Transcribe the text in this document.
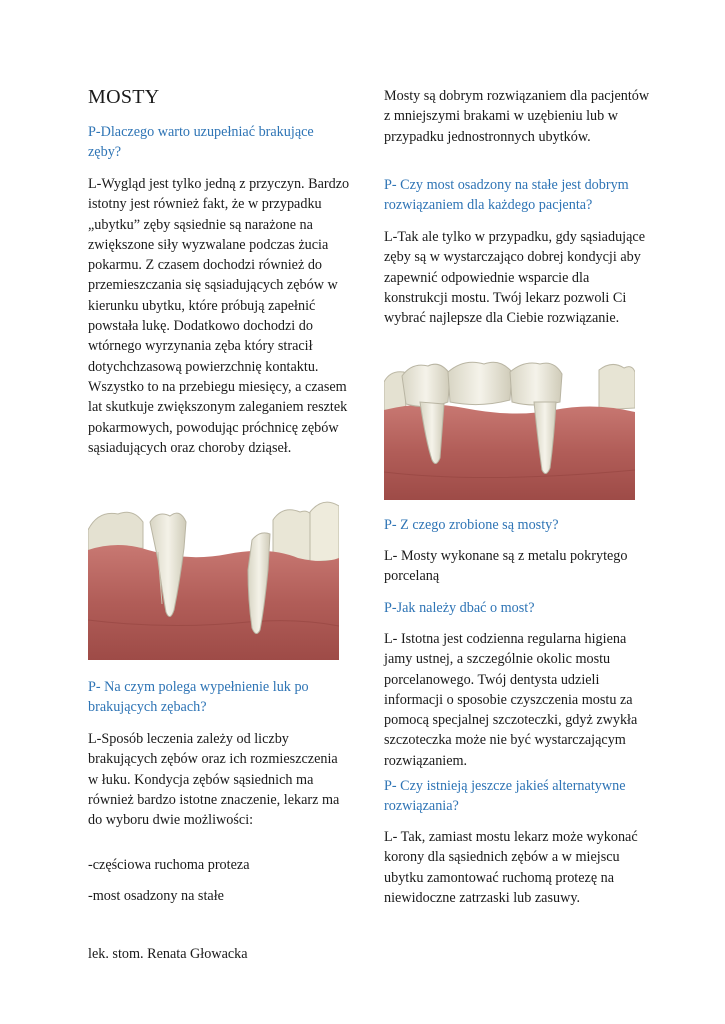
MOSTY

P-Dlaczego warto uzupełniać brakujące zęby?

L-Wygląd jest tylko jedną z przyczyn. Bardzo istotny jest również fakt, że w przypadku „ubytku” zęby sąsiednie są narażone na zwiększone siły wyzwalane podczas żucia pokarmu. Z czasem dochodzi również do przemieszczania się sąsiadujących zębów w kierunku ubytku, które próbują zapełnić powstała lukę. Dodatkowo dochodzi do wtórnego wyrzynania zęba który stracił dotychchzasową powierzchnię kontaktu. Wszystko to na przebiegu miesięcy, a czasem lat skutkuje zwiększonym zaleganiem resztek pokarmowych, powodując próchnicę zębów sąsiadujących oraz choroby dziąseł.

P- Na czym polega wypełnienie luk po brakujących zębach?

L-Sposób leczenia zależy od liczby brakujących zębów oraz ich rozmieszczenia w łuku. Kondycja zębów sąsiednich ma również bardzo istotne znaczenie, lekarz ma do wyboru dwie możliwości:

-częściowa ruchoma proteza

-most osadzony na stałe

Mosty są dobrym rozwiązaniem dla pacjentów z mniejszymi brakami w uzębieniu lub w przypadku jednostronnych ubytków.

P- Czy most osadzony na stałe jest dobrym rozwiązaniem dla każdego pacjenta?

L-Tak ale tylko w przypadku, gdy sąsiadujące zęby są w wystarczająco dobrej kondycji aby zapewnić odpowiednie wsparcie dla konstrukcji mostu. Twój lekarz pozwoli Ci wybrać najlepsze dla Ciebie rozwiązanie.

P- Z czego zrobione są mosty?

L- Mosty wykonane są z metalu pokrytego porcelaną

P-Jak należy dbać o most?

L- Istotna jest codzienna regularna higiena jamy ustnej, a szczególnie okolic mostu porcelanowego. Twój dentysta udzieli informacji o sposobie czyszczenia mostu za pomocą specjalnej szczoteczki, gdyż zwykła szczoteczka może nie być wystarczającym rozwiązaniem.

P- Czy istnieją jeszcze jakieś alternatywne rozwiązania?

L- Tak, zamiast mostu lekarz może wykonać korony dla sąsiednich zębów a w miejscu ubytku zamontować ruchomą protezę na niewidoczne zatrzaski lub zasuwy.

lek. stom. Renata Głowacka
